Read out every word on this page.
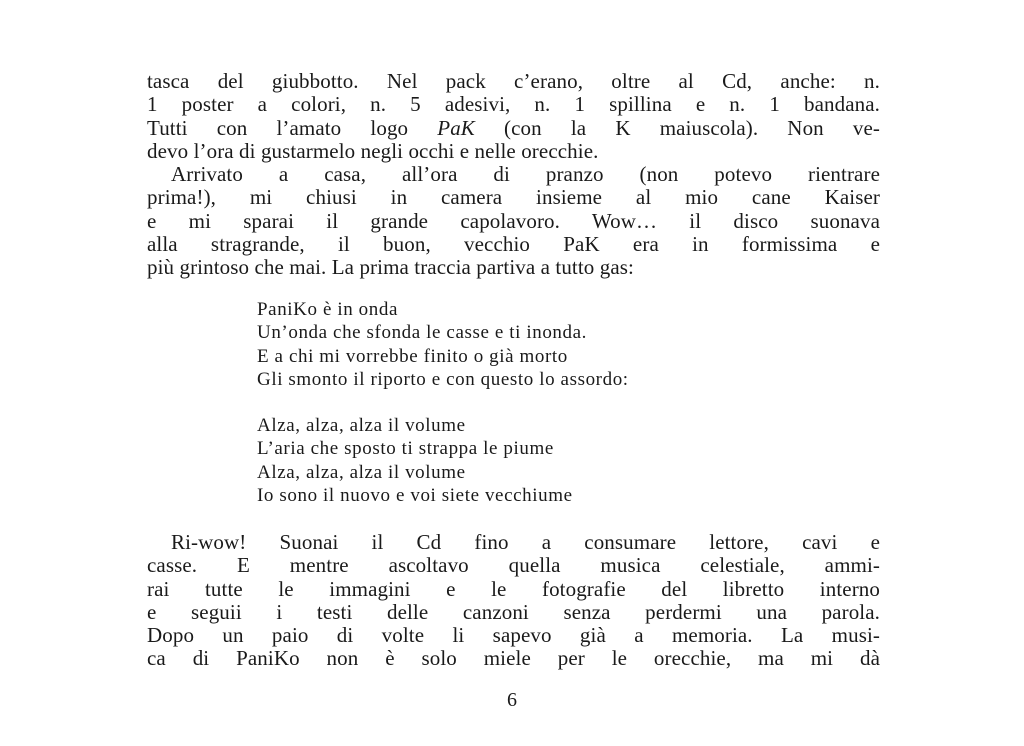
tasca del giubbotto. Nel pack c’erano, oltre al Cd, anche: n.
1 poster a colori, n. 5 adesivi, n. 1 spillina e n. 1 bandana.
Tutti con l’amato logo PaK (con la K maiuscola). Non ve-
devo l’ora di gustarmelo negli occhi e nelle orecchie.
Arrivato a casa, all’ora di pranzo (non potevo rientrare
prima!), mi chiusi in camera insieme al mio cane Kaiser
e mi sparai il grande capolavoro. Wow… il disco suonava
alla stragrande, il buon, vecchio PaK era in formissima e
più grintoso che mai. La prima traccia partiva a tutto gas:
PaniKo è in onda
Un’onda che sfonda le casse e ti inonda.
E a chi mi vorrebbe finito o già morto
Gli smonto il riporto e con questo lo assordo:
Alza, alza, alza il volume
L’aria che sposto ti strappa le piume
Alza, alza, alza il volume
Io sono il nuovo e voi siete vecchiume
Ri-wow! Suonai il Cd fino a consumare lettore, cavi e
casse. E mentre ascoltavo quella musica celestiale, ammi-
rai tutte le immagini e le fotografie del libretto interno
e seguii i testi delle canzoni senza perdermi una parola.
Dopo un paio di volte li sapevo già a memoria. La musi-
ca di PaniKo non è solo miele per le orecchie, ma mi dà
6
